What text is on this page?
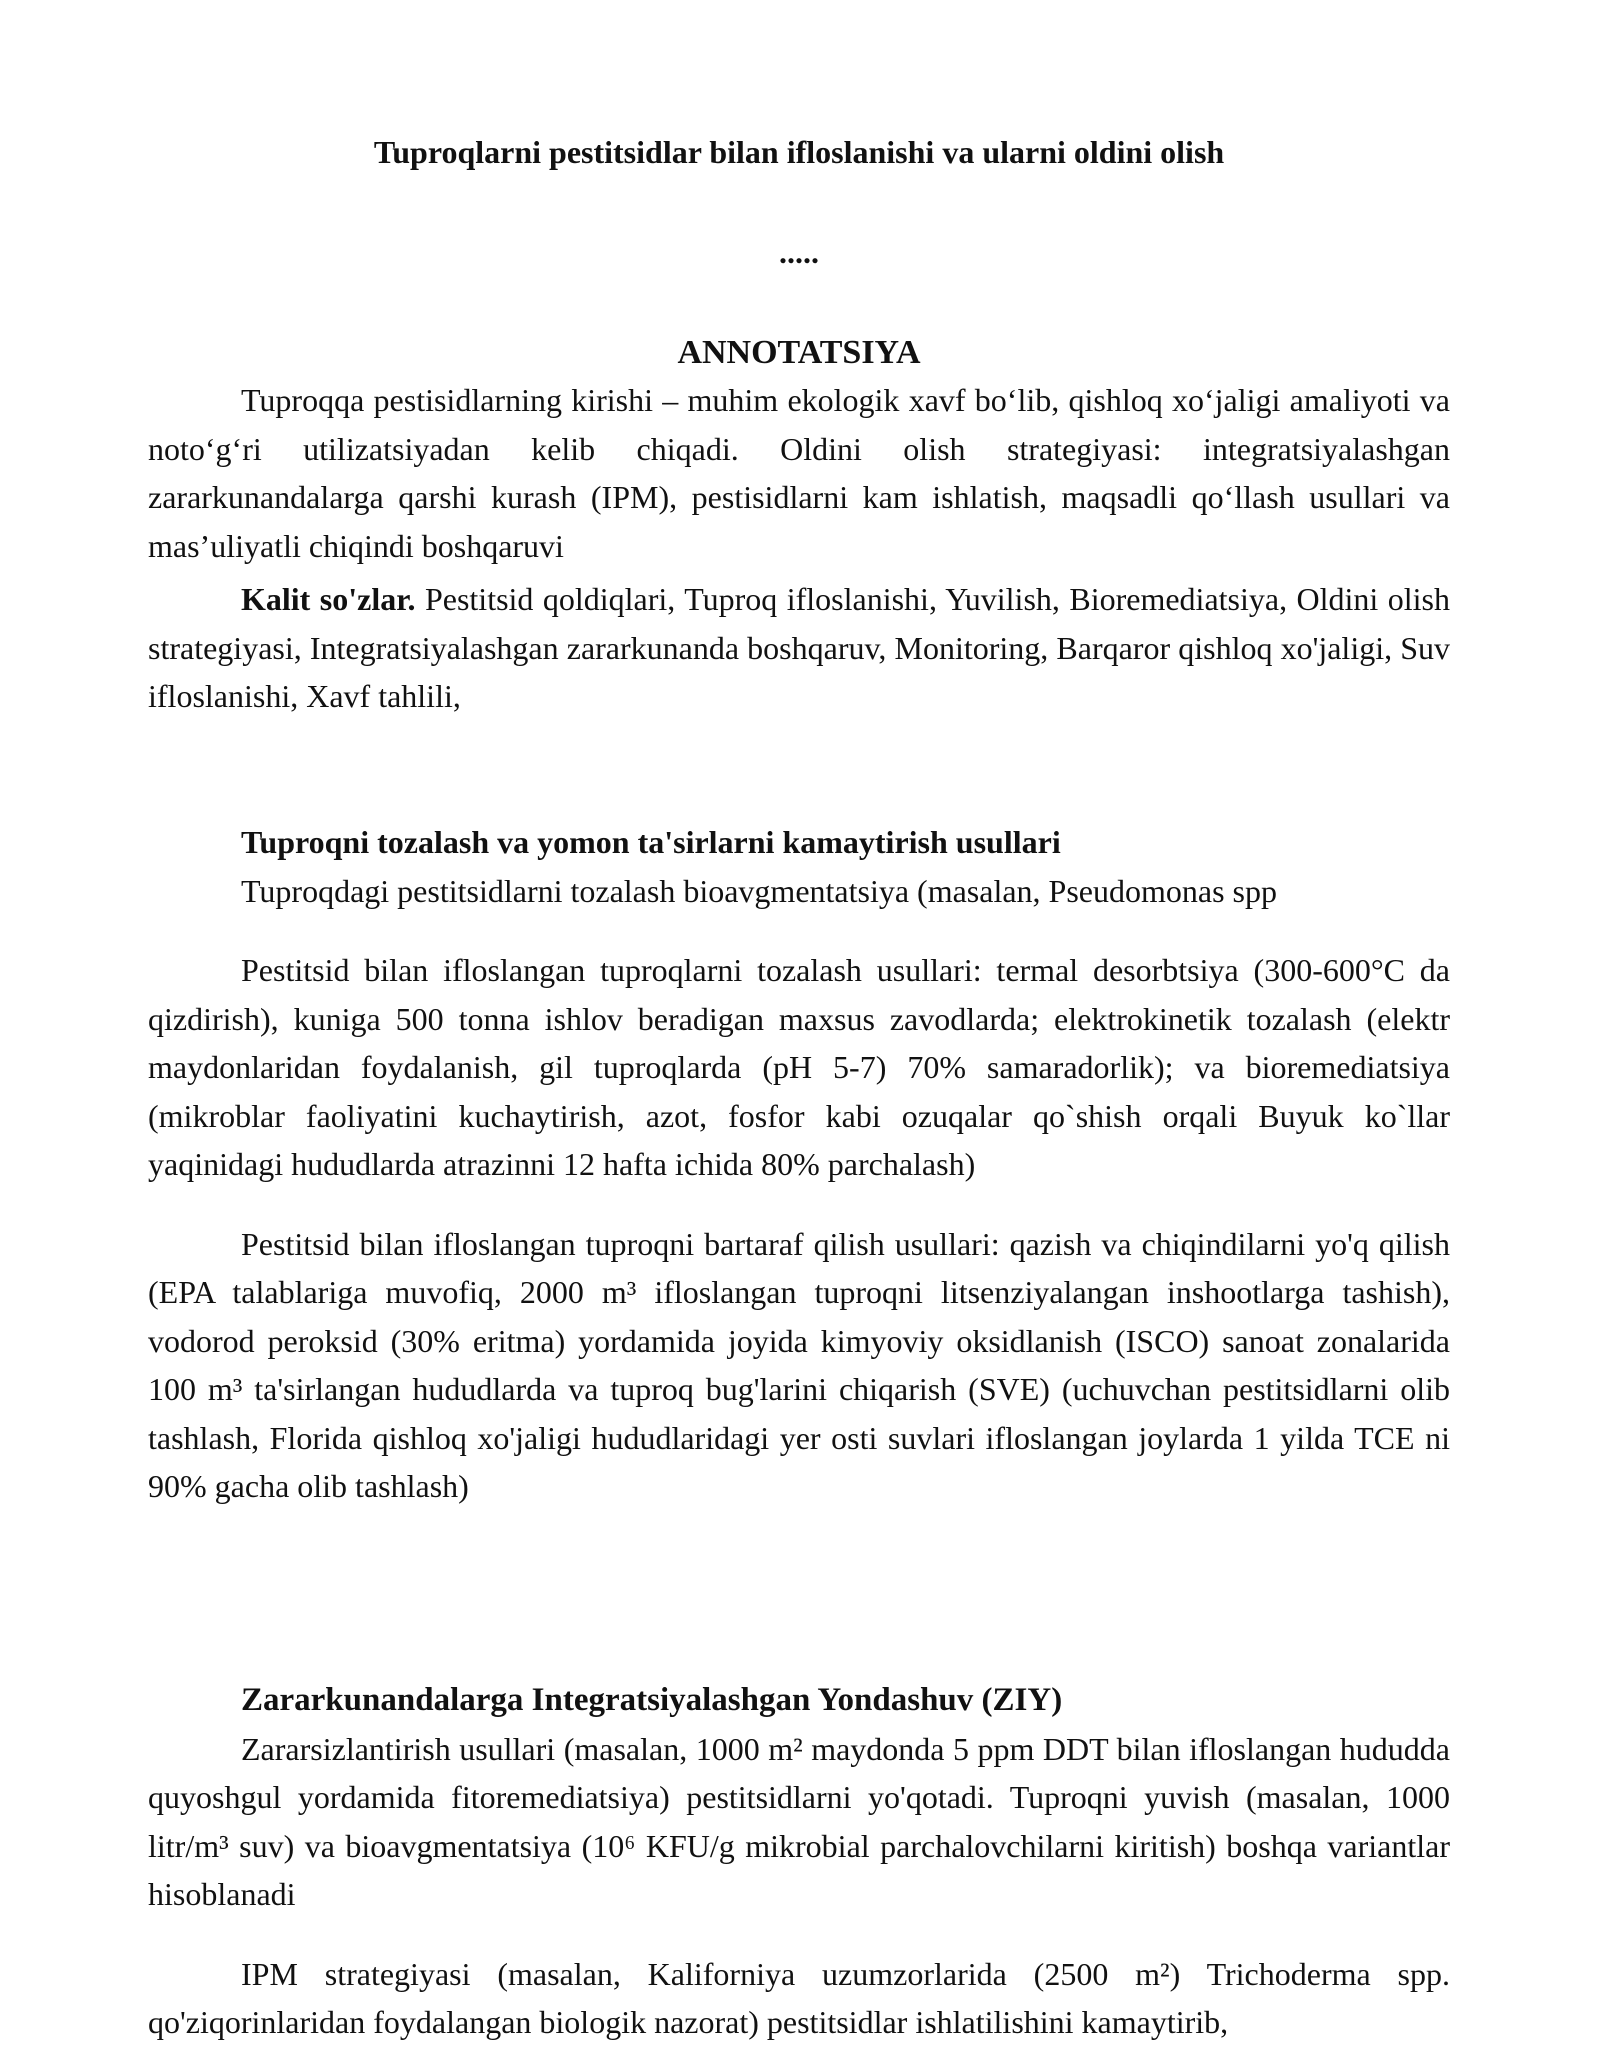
Tuproqlarni pestitsidlar bilan ifloslanishi va ularni oldini olish
.....
ANNOTATSIYA

Tuproqqa pestisidlarning kirishi – muhim ekologik xavf bo‘lib, qishloq xo‘jaligi amaliyoti va noto‘g‘ri utilizatsiyadan kelib chiqadi. Oldini olish strategiyasi: integratsiyalashgan zararkunandalarga qarshi kurash (IPM), pestisidlarni kam ishlatish, maqsadli qo‘llash usullari va mas’uliyatli chiqindi boshqaruvi

Kalit so'zlar. Pestitsid qoldiqlari, Tuproq ifloslanishi, Yuvilish, Bioremediatsiya, Oldini olish strategiyasi, Integratsiyalashgan zararkunanda boshqaruv, Monitoring, Barqaror qishloq xo'jaligi, Suv ifloslanishi, Xavf tahlili,

Tuproqni tozalash va yomon ta'sirlarni kamaytirish usullari

Tuproqdagi pestitsidlarni tozalash bioavgmentatsiya (masalan, Pseudomonas spp

Pestitsid bilan ifloslangan tuproqlarni tozalash usullari: termal desorbtsiya (300-600°C da qizdirish), kuniga 500 tonna ishlov beradigan maxsus zavodlarda; elektrokinetik tozalash (elektr maydonlaridan foydalanish, gil tuproqlarda (pH 5-7) 70% samaradorlik); va bioremediatsiya (mikroblar faoliyatini kuchaytirish, azot, fosfor kabi ozuqalar qo`shish orqali Buyuk ko`llar yaqinidagi hududlarda atrazinni 12 hafta ichida 80% parchalash)

Pestitsid bilan ifloslangan tuproqni bartaraf qilish usullari: qazish va chiqindilarni yo'q qilish (EPA talablariga muvofiq, 2000 m³ ifloslangan tuproqni litsenziyalangan inshootlarga tashish), vodorod peroksid (30% eritma) yordamida joyida kimyoviy oksidlanish (ISCO) sanoat zonalarida 100 m³ ta'sirlangan hududlarda va tuproq bug'larini chiqarish (SVE) (uchuvchan pestitsidlarni olib tashlash, Florida qishloq xo'jaligi hududlaridagi yer osti suvlari ifloslangan joylarda 1 yilda TCE ni 90% gacha olib tashlash)

Zararkunandalarga Integratsiyalashgan Yondashuv (ZIY)

Zararsizlantirish usullari (masalan, 1000 m² maydonda 5 ppm DDT bilan ifloslangan hududda quyoshgul yordamida fitoremediatsiya) pestitsidlarni yo'qotadi. Tuproqni yuvish (masalan, 1000 litr/m³ suv) va bioavgmentatsiya (10⁶ KFU/g mikrobial parchalovchilarni kiritish) boshqa variantlar hisoblanadi

IPM strategiyasi (masalan, Kaliforniya uzumzorlarida (2500 m²) Trichoderma spp. qo'ziqorinlaridan foydalangan biologik nazorat) pestitsidlar ishlatilishini kamaytirib,
